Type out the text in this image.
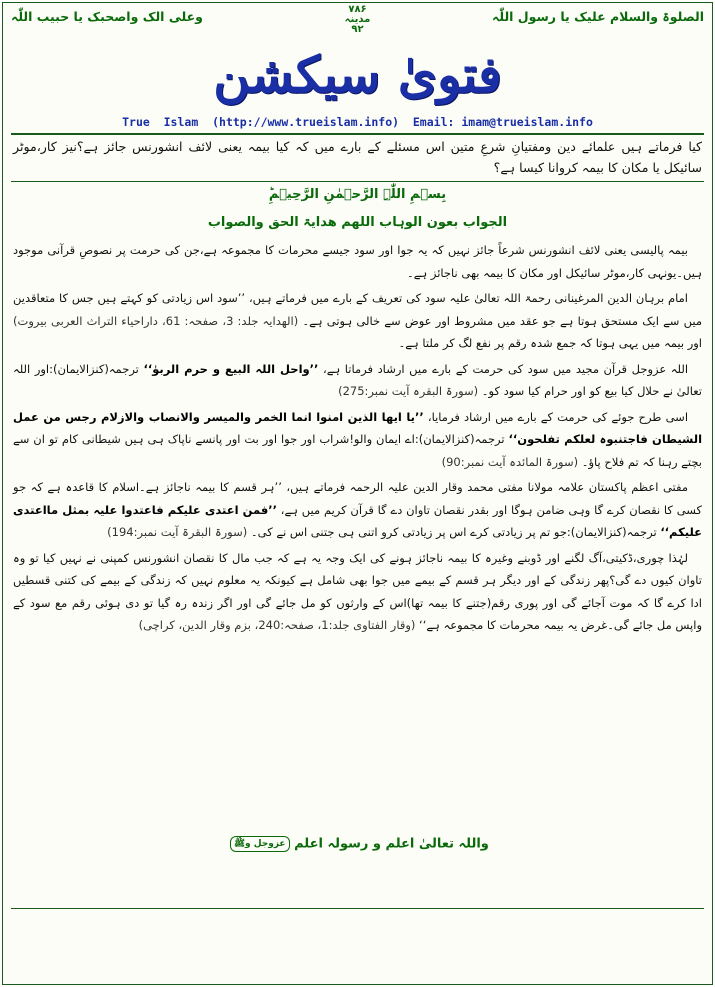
الصلوۃ والسلام علیک یا رسول اللّٰہ
۷۸۶
مدینہ
۹۲
وعلی الک واصحبک یا حبیب اللّٰہ
فتویٰ سیکشن
True  Islam  (http://www.trueislam.info)  Email: imam@trueislam.info
کیا فرماتے ہیں علمائے دین ومفتیانِ شرعِ متین اس مسئلے کے بارے میں کہ کیا بیمہ یعنی لائف انشورنس جائز ہے؟نیز کار،موٹر سائیکل یا مکان کا بیمہ کروانا کیسا ہے؟
بِسۡمِ اللّٰہِ الرَّحۡمٰنِ الرَّحِیۡمِ‎ؕ
الجواب بعون الوہاب اللھم ھدایۃ الحق والصواب

بیمہ پالیسی یعنی لائف انشورنس شرعاً جائز نہیں کہ یہ جوا اور سود جیسے محرمات کا مجموعہ ہے،جن کی حرمت پر نصوصِ قرآنی موجود ہیں۔یونہی کار،موٹر سائیکل اور مکان کا بیمہ بھی ناجائز ہے۔

امام برہان الدین المرغینانی رحمۃ اللہ تعالیٰ علیہ سود کی تعریف کے بارے میں فرماتے ہیں، ’’سود اس زیادتی کو کہتے ہیں جس کا متعاقدین میں سے ایک مستحق ہوتا ہے جو عقد میں مشروط اور عوض سے خالی ہوتی ہے۔ (الھدایہ جلد: 3، صفحہ: 61، داراحیاء التراث العربی بیروت) اور بیمہ میں یہی ہوتا کہ جمع شدہ رقم پر نفع لگ کر ملتا ہے۔

اللہ عزوجل قرآن مجید میں سود کی حرمت کے بارے میں ارشاد فرماتا ہے، ’’واحل اللہ البیع و حرم الربوٰ‘‘ ترجمہ(کنزالایمان):اور اللہ تعالیٰ نے حلال کیا بیع کو اور حرام کیا سود کو۔ (سورۃ البقرہ آیت نمبر:275)

اسی طرح جوئے کی حرمت کے بارے میں ارشاد فرمایا، ’’یا ایھا الذین امنوا انما الخمر والمیسر والانصاب والازلام رجس من عمل الشیطان فاجتنبوہ لعلکم تفلحون‘‘ ترجمہ(کنزالایمان):اے ایمان والو!شراب اور جوا اور بت اور پانسے ناپاک ہی ہیں شیطانی کام تو ان سے بچتے رہنا کہ تم فلاح پاؤ۔ (سورۃ المائدہ آیت نمبر:90)

مفتی اعظم پاکستان علامہ مولانا مفتی محمد وقار الدین علیہ الرحمہ فرماتے ہیں، ’’ہر قسم کا بیمہ ناجائز ہے۔اسلام کا قاعدہ ہے کہ جو کسی کا نقصان کرے گا وہی ضامن ہوگا اور بقدر نقصان تاوان دے گا قرآن کریم میں ہے، ’’فمن اعتدی علیکم فاعتدوا علیہ بمثل مااعتدی علیکم‘‘ ترجمہ(کنزالایمان):جو تم پر زیادتی کرے اس پر زیادتی کرو اتنی ہی جتنی اس نے کی۔ (سورۃ البقرۃ آیت نمبر:194)

لہٰذا چوری،ڈکیتی،آگ لگنے اور ڈوبنے وغیرہ کا بیمہ ناجائز ہونے کی ایک وجہ یہ ہے کہ جب مال کا نقصان انشورنس کمپنی نے نہیں کیا تو وہ تاوان کیوں دے گی؟پھر زندگی کے اور دیگر ہر قسم کے بیمے میں جوا بھی شامل ہے کیونکہ یہ معلوم نہیں کہ زندگی کے بیمے کی کتنی قسطیں ادا کرے گا کہ موت آجائے گی اور پوری رقم(جتنے کا بیمہ تھا)اس کے وارثوں کو مل جائے گی اور اگر زندہ رہ گیا تو دی ہوئی رقم مع سود کے واپس مل جائے گی۔غرض یہ بیمہ محرمات کا مجموعہ ہے‘‘ (وقار الفتاوی جلد:1، صفحہ:240، بزم وقار الدین، کراچی)

واللہ تعالیٰ اعلم و رسولہ اعلم عزوجل وﷺ
